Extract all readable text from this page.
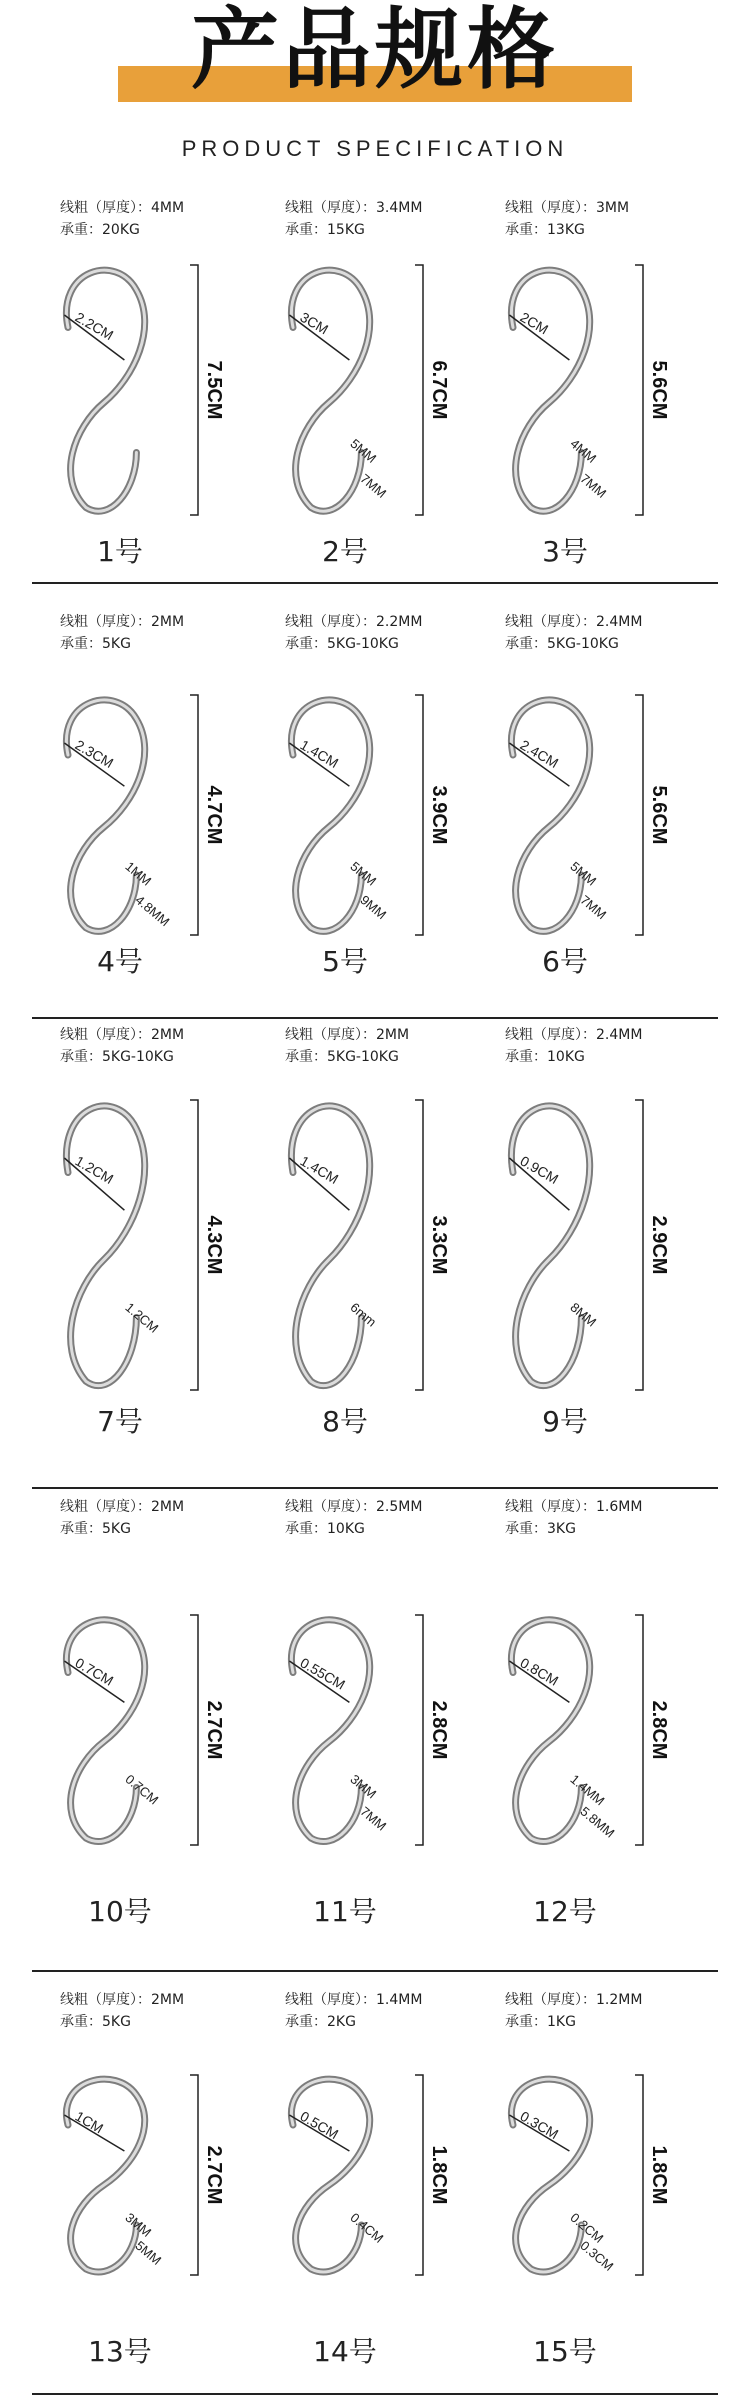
产品规格
PRODUCT SPECIFICATION
线粗（厚度）：4MM
承重：20KG
2.2CM
7.5CM
1号
线粗（厚度）：3.4MM
承重：15KG
3CM
6.7CM
5MM
7MM
2号
线粗（厚度）：3MM
承重：13KG
2CM
5.6CM
4MM
7MM
3号
线粗（厚度）：2MM
承重：5KG
2.3CM
4.7CM
1MM
4.8MM
4号
线粗（厚度）：2.2MM
承重：5KG-10KG
1.4CM
3.9CM
5MM
9MM
5号
线粗（厚度）：2.4MM
承重：5KG-10KG
2.4CM
5.6CM
5MM
7MM
6号
线粗（厚度）：2MM
承重：5KG-10KG
1.2CM
4.3CM
1.2CM
7号
线粗（厚度）：2MM
承重：5KG-10KG
1.4CM
3.3CM
6mm
8号
线粗（厚度）：2.4MM
承重：10KG
0.9CM
2.9CM
8MM
9号
线粗（厚度）：2MM
承重：5KG
0.7CM
2.7CM
0.7CM
10号
线粗（厚度）：2.5MM
承重：10KG
0.55CM
2.8CM
3MM
7MM
11号
线粗（厚度）：1.6MM
承重：3KG
0.8CM
2.8CM
1.4MM
5.8MM
12号
线粗（厚度）：2MM
承重：5KG
1CM
2.7CM
3MM
5MM
13号
线粗（厚度）：1.4MM
承重：2KG
0.5CM
1.8CM
0.4CM
14号
线粗（厚度）：1.2MM
承重：1KG
0.3CM
1.8CM
0.2CM
0.3CM
15号
